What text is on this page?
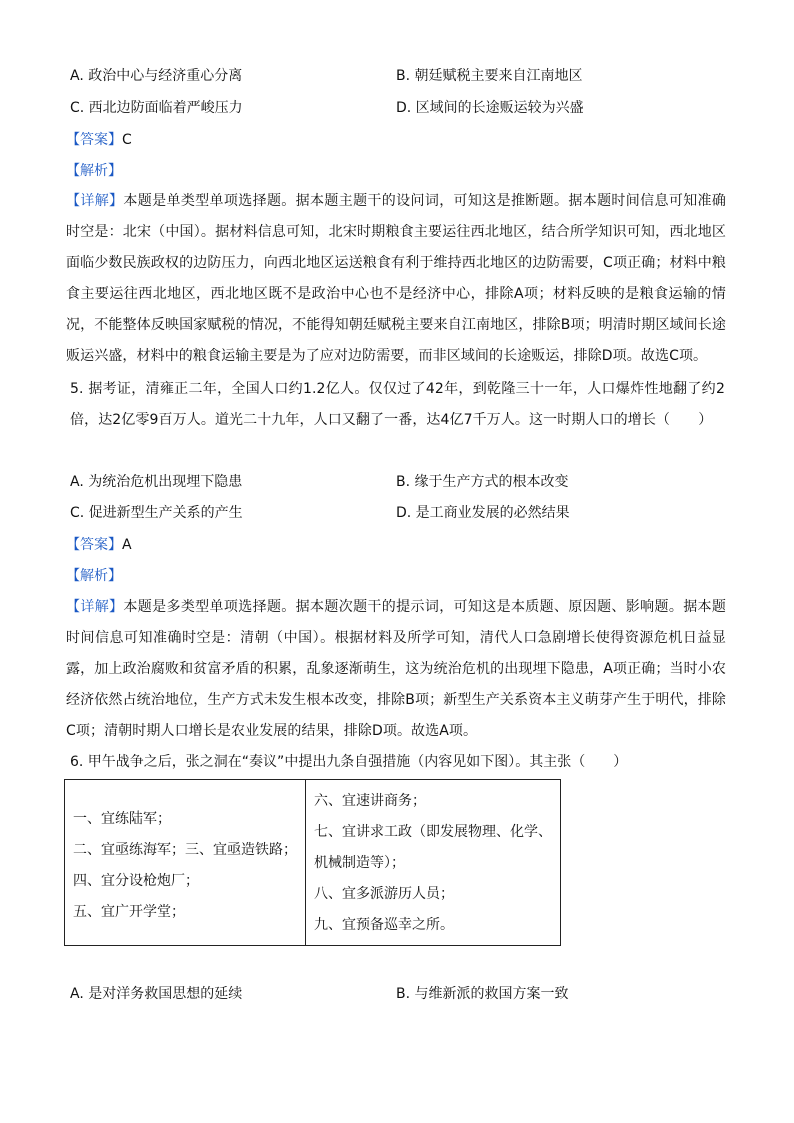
A. 政治中心与经济重心分离	B. 朝廷赋税主要来自江南地区
C. 西北边防面临着严峻压力	D. 区域间的长途贩运较为兴盛
【答案】C
【解析】
【详解】本题是单类型单项选择题。据本题主题干的设问词，可知这是推断题。据本题时间信息可知准确时空是：北宋（中国）。据材料信息可知，北宋时期粮食主要运往西北地区，结合所学知识可知，西北地区面临少数民族政权的边防压力，向西北地区运送粮食有利于维持西北地区的边防需要，C项正确；材料中粮食主要运往西北地区，西北地区既不是政治中心也不是经济中心，排除A项；材料反映的是粮食运输的情况，不能整体反映国家赋税的情况，不能得知朝廷赋税主要来自江南地区，排除B项；明清时期区域间长途贩运兴盛，材料中的粮食运输主要是为了应对边防需要，而非区域间的长途贩运，排除D项。故选C项。
5. 据考证，清雍正二年，全国人口约1.2亿人。仅仅过了42年，到乾隆三十一年，人口爆炸性地翻了约2倍，达2亿零9百万人。道光二十九年，人口又翻了一番，达4亿7千万人。这一时期人口的增长（　　）
A. 为统治危机出现埋下隐患	B. 缘于生产方式的根本改变
C. 促进新型生产关系的产生	D. 是工商业发展的必然结果
【答案】A
【解析】
【详解】本题是多类型单项选择题。据本题次题干的提示词，可知这是本质题、原因题、影响题。据本题时间信息可知准确时空是：清朝（中国）。根据材料及所学可知，清代人口急剧增长使得资源危机日益显露，加上政治腐败和贫富矛盾的积累，乱象逐渐萌生，这为统治危机的出现埋下隐患，A项正确；当时小农经济依然占统治地位，生产方式未发生根本改变，排除B项；新型生产关系资本主义萌芽产生于明代，排除C项；清朝时期人口增长是农业发展的结果，排除D项。故选A项。
6. 甲午战争之后，张之洞在“奏议”中提出九条自强措施（内容见如下图）。其主张（　　）
一、宜练陆军；
二、宜亟练海军；三、宜亟造铁路；
四、宜分设枪炮厂；
五、宜广开学堂；

六、宜速讲商务；
七、宜讲求工政（即发展物理、化学、
机械制造等）；
八、宜多派游历人员；
九、宜预备巡幸之所。
A. 是对洋务救国思想的延续	B. 与维新派的救国方案一致
